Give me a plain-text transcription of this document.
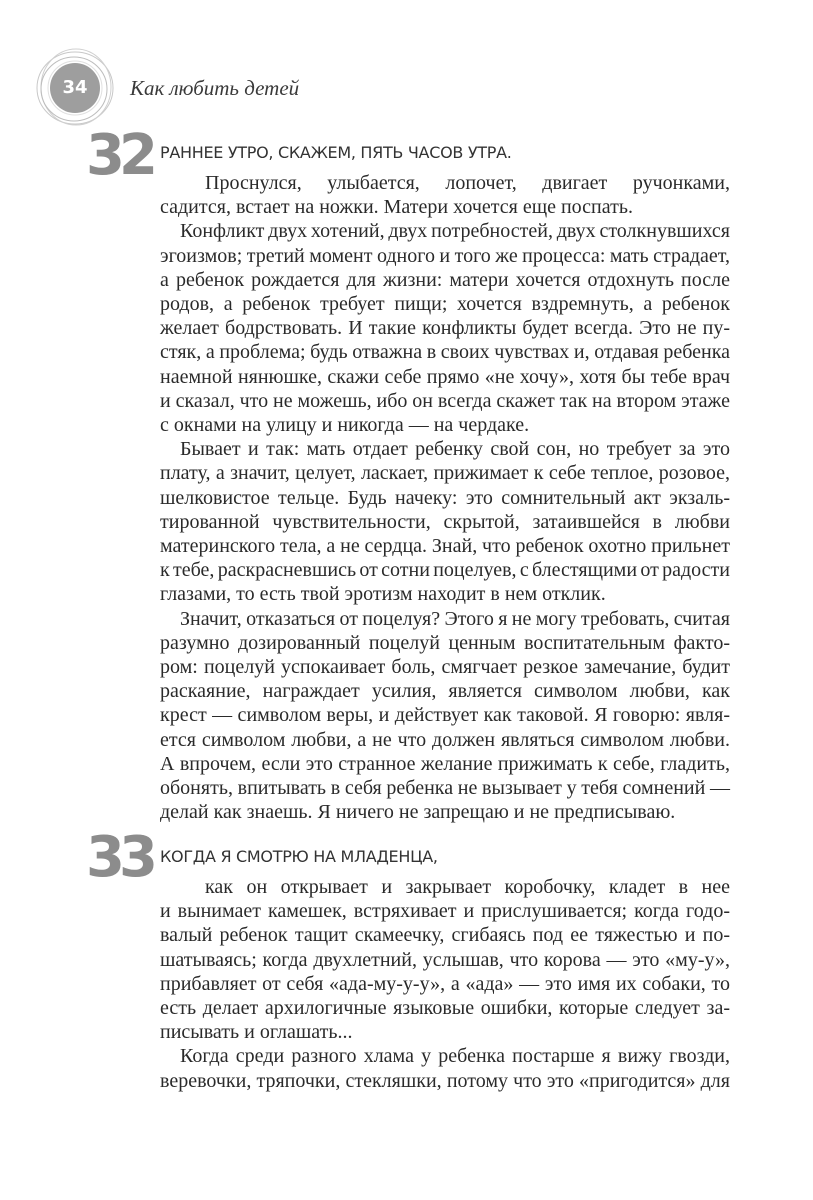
34	Как любить детей
32 РАННЕЕ УТРО, СКАЖЕМ, ПЯТЬ ЧАСОВ УТРА.
Проснулся, улыбается, лопочет, двигает ручонками,
садится, встает на ножки. Матери хочется еще поспать.
Конфликт двух хотений, двух потребностей, двух столкнувшихся
эгоизмов; третий момент одного и того же процесса: мать страдает,
а ребенок рождается для жизни: матери хочется отдохнуть после
родов, а ребенок требует пищи; хочется вздремнуть, а ребенок
желает бодрствовать. И такие конфликты будет всегда. Это не пу-
стяк, а проблема; будь отважна в своих чувствах и, отдавая ребенка
наемной нянюшке, скажи себе прямо «не хочу», хотя бы тебе врач
и сказал, что не можешь, ибо он всегда скажет так на втором этаже
с окнами на улицу и никогда — на чердаке.
Бывает и так: мать отдает ребенку свой сон, но требует за это
плату, а значит, целует, ласкает, прижимает к себе теплое, розовое,
шелковистое тельце. Будь начеку: это сомнительный акт экзаль-
тированной чувствительности, скрытой, затаившейся в любви
материнского тела, а не сердца. Знай, что ребенок охотно прильнет
к тебе, раскрасневшись от сотни поцелуев, с блестящими от радости
глазами, то есть твой эротизм находит в нем отклик.
Значит, отказаться от поцелуя? Этого я не могу требовать, считая
разумно дозированный поцелуй ценным воспитательным факто-
ром: поцелуй успокаивает боль, смягчает резкое замечание, будит
раскаяние, награждает усилия, является символом любви, как
крест — символом веры, и действует как таковой. Я говорю: явля-
ется символом любви, а не что должен являться символом любви.
А впрочем, если это странное желание прижимать к себе, гладить,
обонять, впитывать в себя ребенка не вызывает у тебя сомнений —
делай как знаешь. Я ничего не запрещаю и не предписываю.
33 КОГДА Я СМОТРЮ НА МЛАДЕНЦА,
как он открывает и закрывает коробочку, кладет в нее
и вынимает камешек, встряхивает и прислушивается; когда годо-
валый ребенок тащит скамеечку, сгибаясь под ее тяжестью и по-
шатываясь; когда двухлетний, услышав, что корова — это «му-у»,
прибавляет от себя «ада-му-у-у», а «ада» — это имя их собаки, то
есть делает архилогичные языковые ошибки, которые следует за-
писывать и оглашать...
Когда среди разного хлама у ребенка постарше я вижу гвозди,
веревочки, тряпочки, стекляшки, потому что это «пригодится» для
